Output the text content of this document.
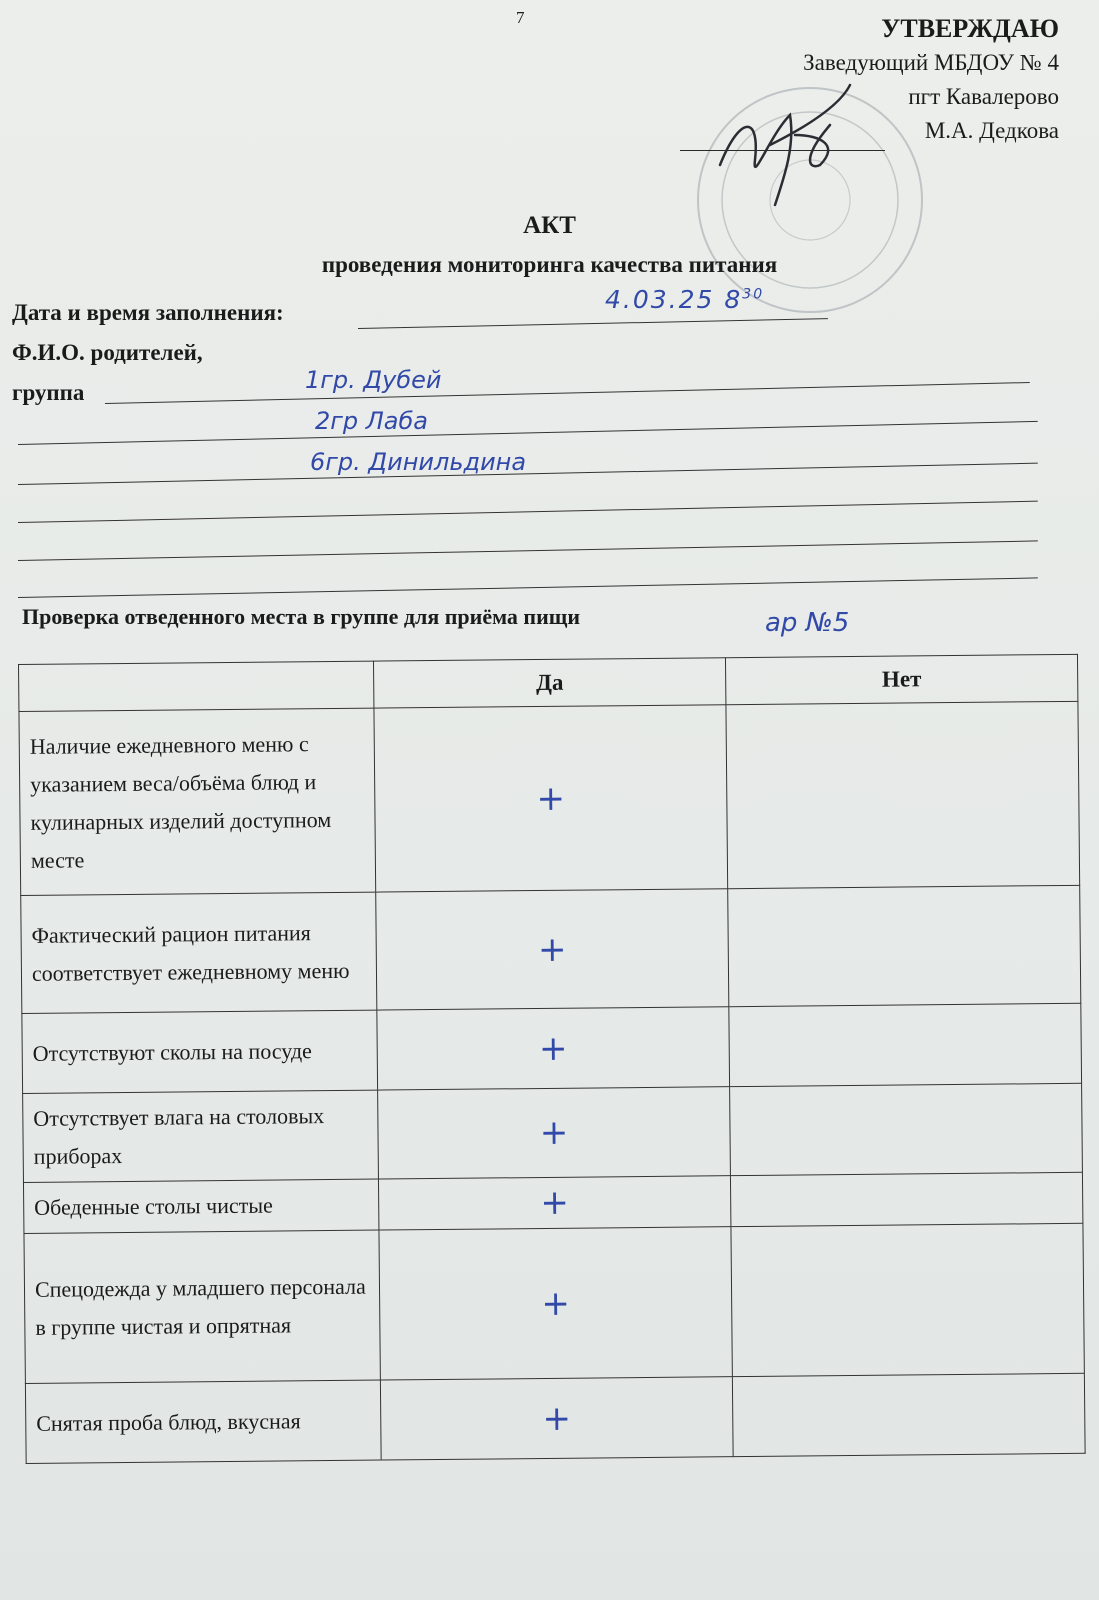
7	УТВЕРЖДАЮ
Заведующий МБДОУ № 4
пгт Кавалерово
М.А. Дедкова
АКТ
проведения мониторинга качества питания
Дата и время заполнения:	4.03.25 $8^{30}$
Ф.И.О. родителей,
группа	1гр. Дубей
2гр Лаба
6гр. Динильдина
Проверка отведенного места в группе для приёма пищи	ар №5
	Да	Нет
Наличие ежедневного меню с указанием веса/объёма блюд и кулинарных изделий доступном месте	+	
Фактический рацион питания соответствует ежедневному меню	+	
Отсутствуют сколы на посуде	+	
Отсутствует влага на столовых приборах	+	
Обеденные столы чистые	+	
Спецодежда у младшего персонала в группе чистая и опрятная	+	
Снятая проба блюд, вкусная	+	
